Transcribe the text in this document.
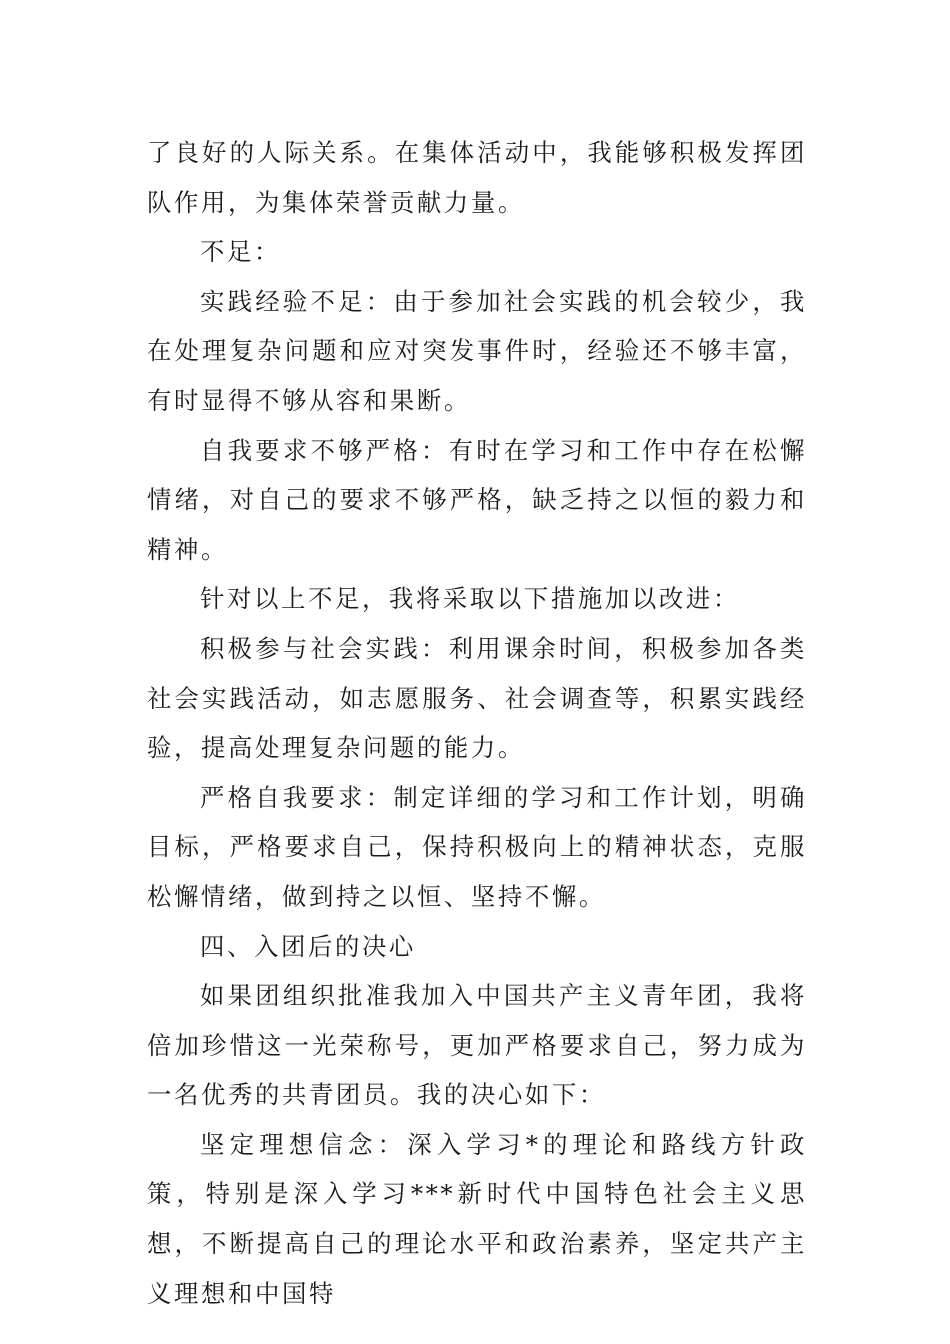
了良好的人际关系。在集体活动中，我能够积极发挥团队作用，为集体荣誉贡献力量。

不足：

实践经验不足：由于参加社会实践的机会较少，我在处理复杂问题和应对突发事件时，经验还不够丰富，有时显得不够从容和果断。

自我要求不够严格：有时在学习和工作中存在松懈情绪，对自己的要求不够严格，缺乏持之以恒的毅力和精神。

针对以上不足，我将采取以下措施加以改进：

积极参与社会实践：利用课余时间，积极参加各类社会实践活动，如志愿服务、社会调查等，积累实践经验，提高处理复杂问题的能力。

严格自我要求：制定详细的学习和工作计划，明确目标，严格要求自己，保持积极向上的精神状态，克服松懈情绪，做到持之以恒、坚持不懈。

四、入团后的决心

如果团组织批准我加入中国共产主义青年团，我将倍加珍惜这一光荣称号，更加严格要求自己，努力成为一名优秀的共青团员。我的决心如下：

坚定理想信念：深入学习*的理论和路线方针政策，特别是深入学习***新时代中国特色社会主义思想，不断提高自己的理论水平和政治素养，坚定共产主义理想和中国特
